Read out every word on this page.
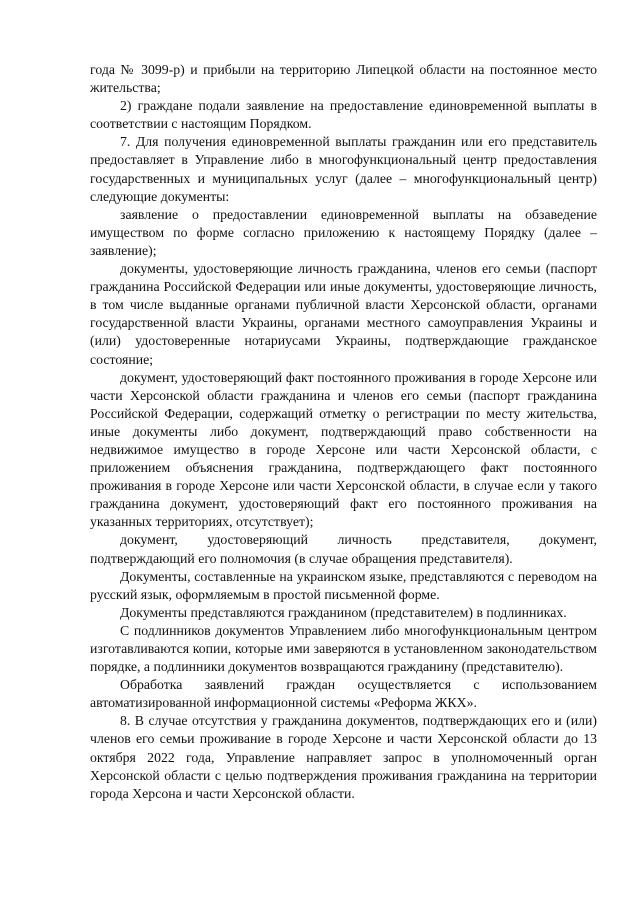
года № 3099-р) и прибыли на территорию Липецкой области на постоянное место жительства;

2) граждане подали заявление на предоставление единовременной выплаты в соответствии с настоящим Порядком.

7. Для получения единовременной выплаты гражданин или его представитель предоставляет в Управление либо в многофункциональный центр предоставления государственных и муниципальных услуг (далее – многофункциональный центр) следующие документы:

заявление о предоставлении единовременной выплаты на обзаведение имуществом по форме согласно приложению к настоящему Порядку (далее – заявление);

документы, удостоверяющие личность гражданина, членов его семьи (паспорт гражданина Российской Федерации или иные документы, удостоверяющие личность, в том числе выданные органами публичной власти Херсонской области, органами государственной власти Украины, органами местного самоуправления Украины и (или) удостоверенные нотариусами Украины, подтверждающие гражданское состояние;

документ, удостоверяющий факт постоянного проживания в городе Херсоне или части Херсонской области гражданина и членов его семьи (паспорт гражданина Российской Федерации, содержащий отметку о регистрации по месту жительства, иные документы либо документ, подтверждающий право собственности на недвижимое имущество в городе Херсоне или части Херсонской области, с приложением объяснения гражданина, подтверждающего факт постоянного проживания в городе Херсоне или части Херсонской области, в случае если у такого гражданина документ, удостоверяющий факт его постоянного проживания на указанных территориях, отсутствует);

документ, удостоверяющий личность представителя, документ, подтверждающий его полномочия (в случае обращения представителя).

Документы, составленные на украинском языке, представляются с переводом на русский язык, оформляемым в простой письменной форме.

Документы представляются гражданином (представителем) в подлинниках.

С подлинников документов Управлением либо многофункциональным центром изготавливаются копии, которые ими заверяются в установленном законодательством порядке, а подлинники документов возвращаются гражданину (представителю).

Обработка заявлений граждан осуществляется с использованием автоматизированной информационной системы «Реформа ЖКХ».

8. В случае отсутствия у гражданина документов, подтверждающих его и (или) членов его семьи проживание в городе Херсоне и части Херсонской области до 13 октября 2022 года, Управление направляет запрос в уполномоченный орган Херсонской области с целью подтверждения проживания гражданина на территории города Херсона и части Херсонской области.
